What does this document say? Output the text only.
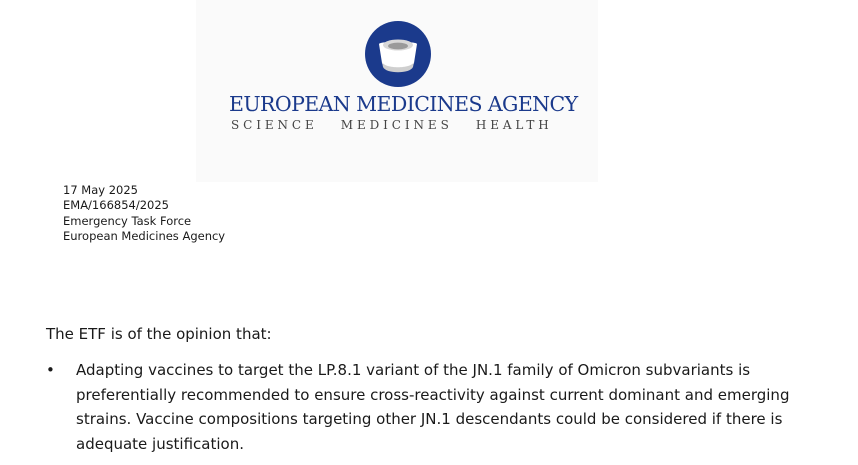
EUROPEAN MEDICINES AGENCY
SCIENCE   MEDICINES   HEALTH
17 May 2025
EMA/166854/2025
Emergency Task Force
European Medicines Agency
The ETF is of the opinion that:
• Adapting vaccines to target the LP.8.1 variant of the JN.1 family of Omicron subvariants is preferentially recommended to ensure cross-reactivity against current dominant and emerging strains. Vaccine compositions targeting other JN.1 descendants could be considered if there is adequate justification.
